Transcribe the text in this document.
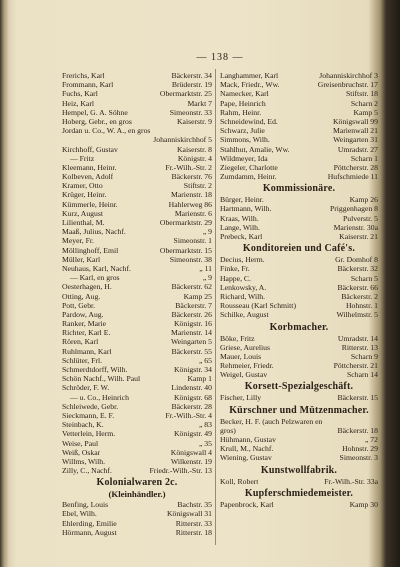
— 138 —
Frerichs, Karl	Bäckerstr. 34
Frommann, Karl	Brüderstr. 19
Fuchs, Karl	Obermarktstr. 25
Heiz, Karl	Markt 7
Hempel, G. A. Söhne	Simeonstr. 33
Hoberg, Gebr., en gros	Kaiserstr. 9
Jordan u. Co., W. A., en gros
Johanniskirchhof 5
Kirchhoff, Gustav	Kaiserstr. 8
— Fritz	Königstr. 4
Kleemann, Heinr.	Fr.-Wilh.-Str. 2
Kolbeven, Adolf	Bäckerstr. 76
Kramer, Otto	Stiftstr. 2
Krüger, Heinr.	Marienstr. 18
Kümmerle, Heinr.	Hahlerweg 86
Kurz, August	Marienstr. 6
Lilienthal, M.	Obermarktstr. 29
Maaß, Julius, Nachf.	„ 9
Meyer, Fr.	Simeonstr. 1
Möllinghoff, Emil	Obermarktstr. 15
Müller, Karl	Simeonstr. 38
Neuhaus, Karl, Nachf.	„ 11
— Karl, en gros	„ 9
Oesterhagen, H.	Bäckerstr. 62
Otting, Aug.	Kamp 25
Pott, Gebr.	Bäckerstr. 7
Pardow, Aug.	Bäckerstr. 26
Ranker, Marie	Königstr. 16
Richter, Karl E.	Marienstr. 14
Rören, Karl	Weingarten 5
Ruhlmann, Karl	Bäckerstr. 55
Schlüter, Frl.	„ 65
Schmerdtdorff, Wilh.	Königstr. 34
Schön Nachf., Wilh. Paul	Kamp 1
Schröder, F. W.	Lindenstr. 40
— u. Co., Heinrich	Königstr. 68
Schleiwede, Gebr.	Bäckerstr. 28
Sieckmann, E. F.	Fr.-Wilh.-Str. 4
Steinbach, K.	„ 83
Vetterlein, Herm.	Königstr. 49
Weise, Paul	„ 35
Weiß, Oskar	Königswall 4
Willms, Wilh.	Wilkenstr. 19
Zilly, C., Nachf.	Friedr.-Wilh.-Str. 13
Kolonialwaren 2c.
(Kleinhändler.)
Benfing, Louis	Bachstr. 35
Ebel, Wilh.	Königswall 31
Ehlerding, Emilie	Ritterstr. 33
Hörmann, August	Ritterstr. 18
Langhammer, Karl	Johanniskirchhof 3
Mack, Friedr., Ww.	Greisenbruchstr. 17
Namecker, Karl	Stiftstr. 18
Pape, Heinrich	Scharn 2
Rahm, Heinr.	Kamp 5
Schneidewind, Ed.	Königswall 99
Schwarz, Julie	Marienwall 21
Simmons, Wilh.	Weingarten 31
Stahlhut, Amalie, Ww.	Umradstr. 27
Wildmeyer, Ida	Scharn 1
Ziegeler, Charlotte	Pöttcherstr. 28
Zumdamm, Heinr.	Hufschmiede 11
Kommissionäre.
Bürger, Heinr.	Kamp 26
Hartmann, Wilh.	Priggenhagen 8
Kraas, Wilh.	Pulverstr. 5
Lange, Wilh.	Marienstr. 30a
Prebeck, Karl	Kaiserstr. 21
Konditoreien und Café's.
Decius, Herm.	Gr. Domhof 8
Finke, Fr.	Bäckerstr. 32
Happe, C.	Scharn 5
Lenkowsky, A.	Bäckerstr. 66
Richard, Wilh.	Bäckerstr. 2
Rousseau (Karl Schmitt)	Hohnstr. 1
Schilke, August	Wilhelmstr. 5
Korbmacher.
Böke, Fritz	Umradstr. 14
Griese, Aurelius	Ritterstr. 13
Mauer, Louis	Scharn 9
Rehmeier, Friedr.	Pöttcherstr. 21
Weigel, Gustav	Scharn 14
Korsett-Spezialgeschäft.
Fischer, Lilly	Bäckerstr. 15
Kürschner und Mützenmacher.
Becker, H. F. (auch Pelzwaren en
gros)	Bäckerstr. 18
Hühmann, Gustav	„ 72
Krull, M., Nachf.	Hohnstr. 29
Wiening, Gustav	Simeonstr. 3
Kunstwollfabrik.
Koll, Robert	Fr.-Wilh.-Str. 33a
Kupferschmiedemeister.
Papenbrock, Karl	Kamp 30
